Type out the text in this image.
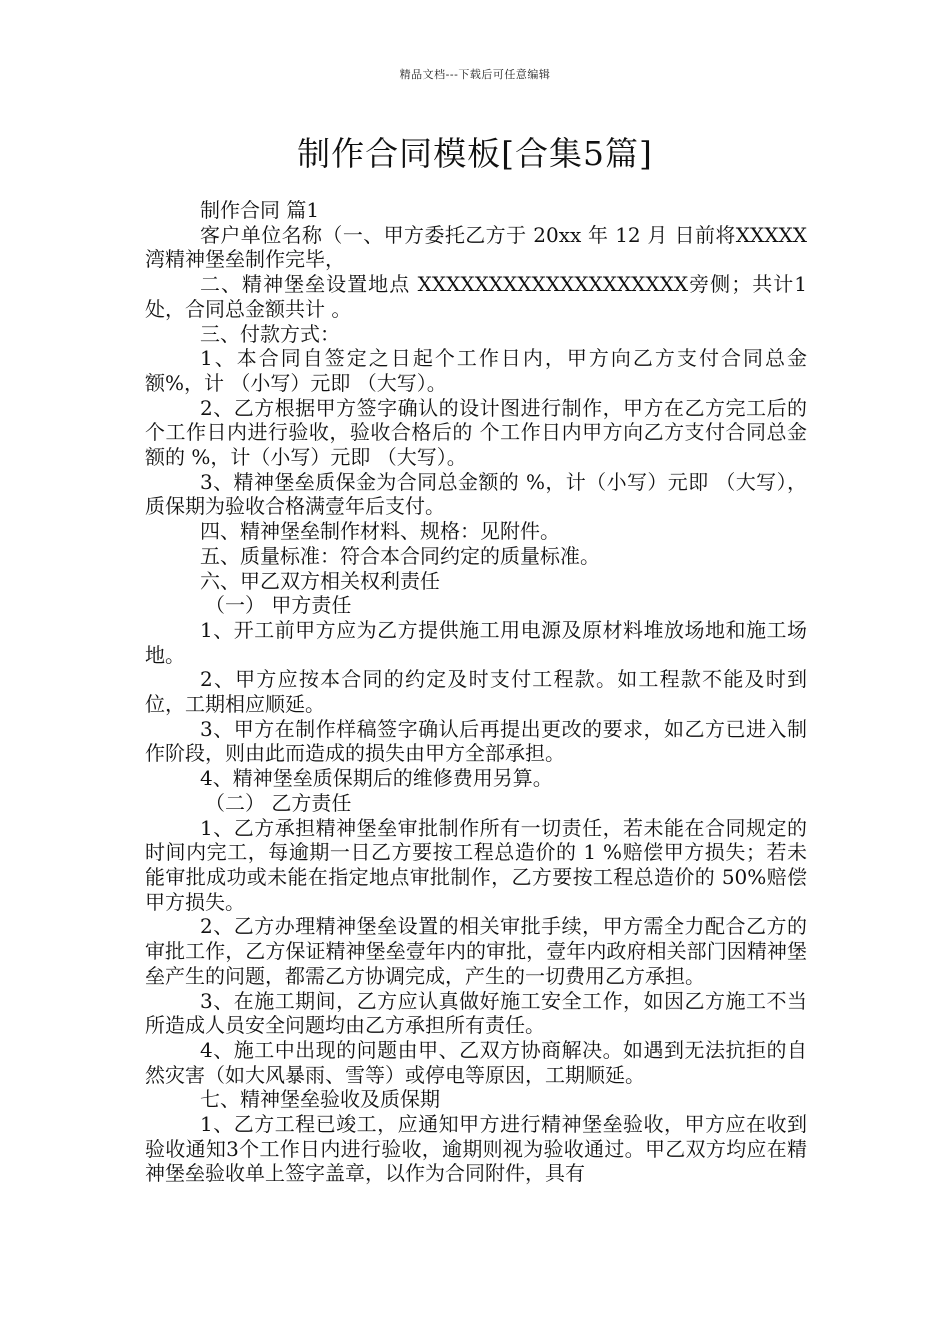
精品文档---下载后可任意编辑
制作合同模板[合集5篇]

制作合同 篇1

客户单位名称（一、甲方委托乙方于 20xx 年 12 月 日前将XXXXX湾精神堡垒制作完毕，

二、精神堡垒设置地点 XXXXXXXXXXXXXXXXXXX旁侧；共计1处，合同总金额共计 。

三、付款方式：

1、本合同自签定之日起个工作日内，甲方向乙方支付合同总金额%，计 （小写）元即 （大写）。

2、乙方根据甲方签字确认的设计图进行制作，甲方在乙方完工后的 个工作日内进行验收，验收合格后的 个工作日内甲方向乙方支付合同总金额的 %，计（小写）元即 （大写）。

3、精神堡垒质保金为合同总金额的 %，计（小写）元即 （大写），质保期为验收合格满壹年后支付。

四、精神堡垒制作材料、规格：见附件。

五、质量标准：符合本合同约定的质量标准。

六、甲乙双方相关权利责任

（一） 甲方责任

1、开工前甲方应为乙方提供施工用电源及原材料堆放场地和施工场地。

2、甲方应按本合同的约定及时支付工程款。如工程款不能及时到位，工期相应顺延。

3、甲方在制作样稿签字确认后再提出更改的要求，如乙方已进入制作阶段，则由此而造成的损失由甲方全部承担。

4、精神堡垒质保期后的维修费用另算。

（二） 乙方责任

1、乙方承担精神堡垒审批制作所有一切责任，若未能在合同规定的时间内完工，每逾期一日乙方要按工程总造价的 1 %赔偿甲方损失；若未能审批成功或未能在指定地点审批制作，乙方要按工程总造价的 50%赔偿甲方损失。

2、乙方办理精神堡垒设置的相关审批手续，甲方需全力配合乙方的审批工作，乙方保证精神堡垒壹年内的审批，壹年内政府相关部门因精神堡垒产生的问题，都需乙方协调完成，产生的一切费用乙方承担。

3、在施工期间，乙方应认真做好施工安全工作，如因乙方施工不当所造成人员安全问题均由乙方承担所有责任。

4、施工中出现的问题由甲、乙双方协商解决。如遇到无法抗拒的自然灾害（如大风暴雨、雪等）或停电等原因，工期顺延。

七、精神堡垒验收及质保期

1、乙方工程已竣工，应通知甲方进行精神堡垒验收，甲方应在收到验收通知3个工作日内进行验收，逾期则视为验收通过。甲乙双方均应在精神堡垒验收单上签字盖章，以作为合同附件，具有
